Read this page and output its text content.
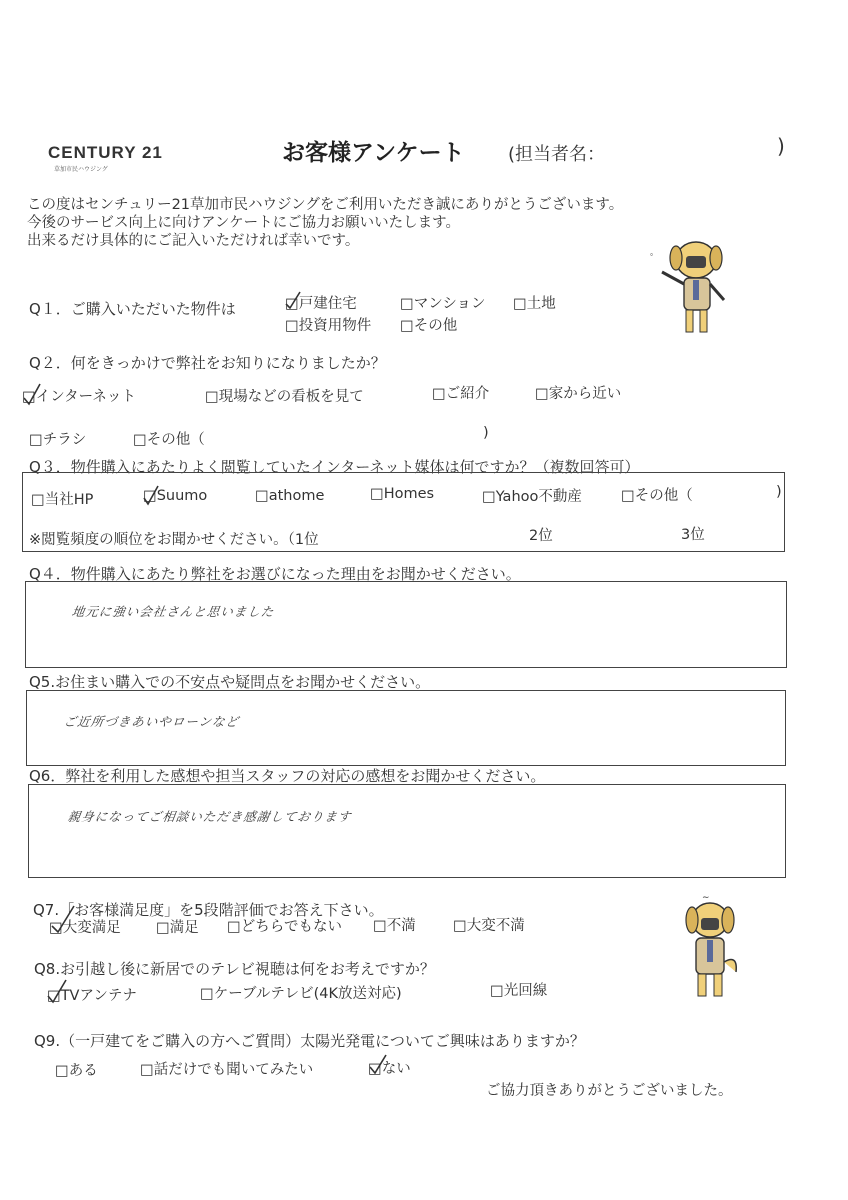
CENTURY 21
草加市民ハウジング
お客様アンケート (担当者名：	)
この度はセンチュリー21草加市民ハウジングをご利用いただき誠にありがとうございます。
今後のサービス向上に向けアンケートにご協力お願いいたします。
出来るだけ具体的にご記入いただければ幸いです。
ﾟ
Q１．ご購入いただいた物件は	□戸建住宅	□マンション □土地
□投資用物件 □その他
Q２．何をきっかけで弊社をお知りになりましたか？
□インターネット	□現場などの看板を見て	□ご紹介	□家から近い
□チラシ	□その他（	)
Q３．物件購入にあたりよく閲覧していたインターネット媒体は何ですか？（複数回答可）
□当社HP	□Suumo	□athome	□Homes	□Yahoo不動産	□その他（	)
※閲覧頻度の順位をお聞かせください。（1位	2位	3位
Q４．物件購入にあたり弊社をお選びになった理由をお聞かせください。
地元に強い会社さんと思いました
Q5.お住まい購入での不安点や疑問点をお聞かせください。
ご近所づきあいやローンなど
Q6．弊社を利用した感想や担当スタッフの対応の感想をお聞かせください。
親身になってご相談いただき感謝しております
∼
Q7.「お客様満足度」を5段階評価でお答え下さい。
□大変満足 □満足 □どちらでもない □不満	□大変不満
Q8.お引越し後に新居でのテレビ視聴は何をお考えですか？
□TVアンテナ	□ケーブルテレビ(4K放送対応)	□光回線
Q9.（一戸建てをご購入の方へご質問）太陽光発電についてご興味はありますか？
□ある	□話だけでも聞いてみたい	□ない
ご協力頂きありがとうございました。
